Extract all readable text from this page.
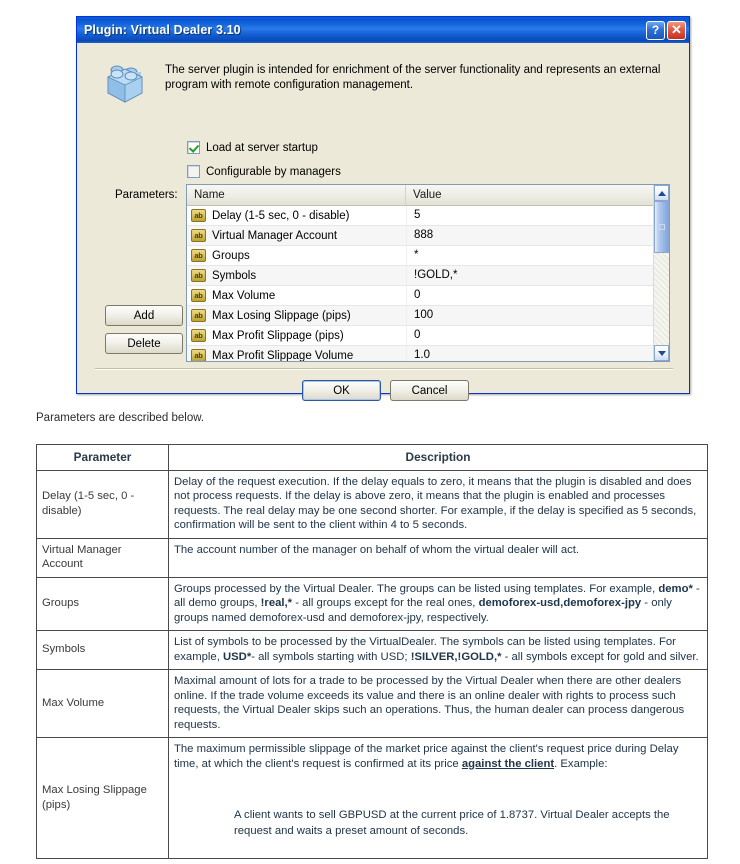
Plugin: Virtual Dealer 3.10	? ✕
The server plugin is intended for enrichment of the server functionality and represents an external program with remote configuration management.
Load at server startup
Configurable by managers
Parameters:	Name	Value
ab Delay (1-5 sec, 0 - disable)	5
ab Virtual Manager Account	888
ab Groups	*
ab Symbols	!GOLD,*
ab Max Volume	0
ab Max Losing Slippage (pips)	100
ab Max Profit Slippage (pips)	0
ab Max Profit Slippage Volume	1.0
Add
Delete
OK	Cancel
Parameters are described below.
Parameter	Description
Delay (1-5 sec, 0 - disable)	Delay of the request execution. If the delay equals to zero, it means that the plugin is disabled and does not process requests. If the delay is above zero, it means that the plugin is enabled and processes requests. The real delay may be one second shorter. For example, if the delay is specified as 5 seconds, confirmation will be sent to the client within 4 to 5 seconds.
Virtual Manager Account	The account number of the manager on behalf of whom the virtual dealer will act.
Groups	Groups processed by the Virtual Dealer. The groups can be listed using templates. For example, demo* - all demo groups, !real,* - all groups except for the real ones, demoforex-usd,demoforex-jpy - only groups named demoforex-usd and demoforex-jpy, respectively.
Symbols	List of symbols to be processed by the VirtualDealer. The symbols can be listed using templates. For example, USD*- all symbols starting with USD; !SILVER,!GOLD,* - all symbols except for gold and silver.
Max Volume	Maximal amount of lots for a trade to be processed by the Virtual Dealer when there are other dealers online. If the trade volume exceeds its value and there is an online dealer with rights to process such requests, the Virtual Dealer skips such an operations. Thus, the human dealer can process dangerous requests.
Max Losing Slippage (pips)	The maximum permissible slippage of the market price against the client's request price during Delay time, at which the client's request is confirmed at its price against the client. Example:
A client wants to sell GBPUSD at the current price of 1.8737. Virtual Dealer accepts the request and waits a preset amount of seconds.
